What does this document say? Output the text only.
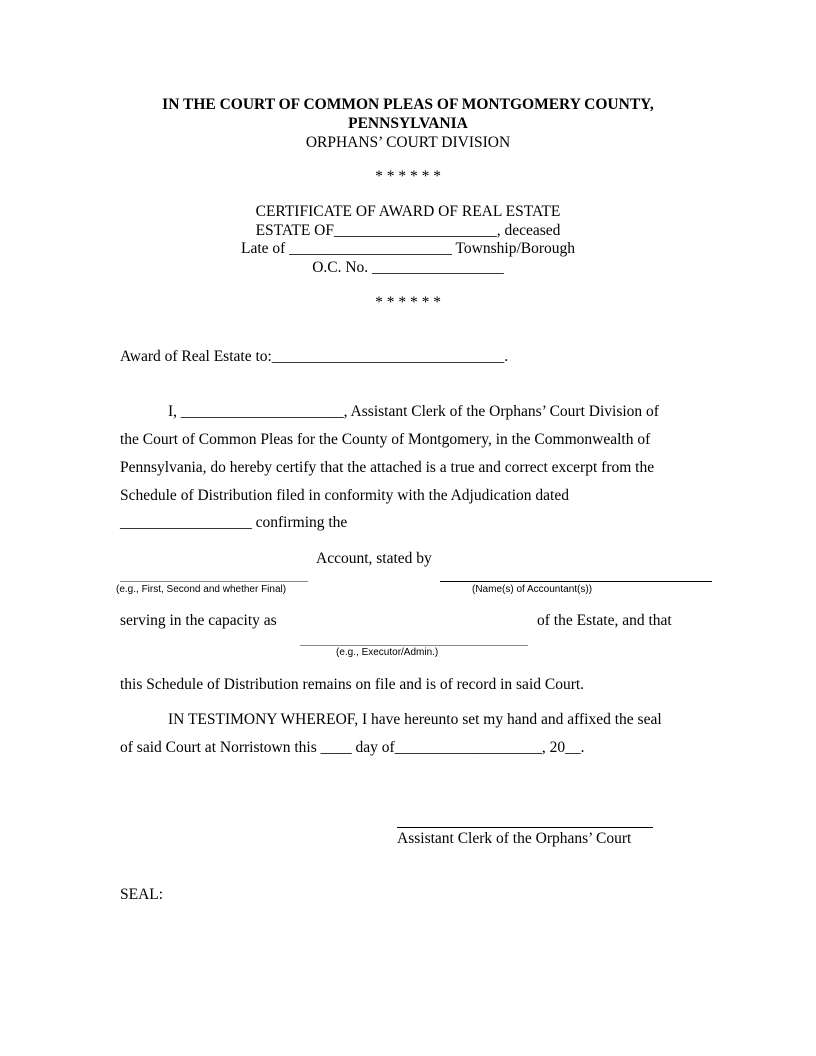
IN THE COURT OF COMMON PLEAS OF MONTGOMERY COUNTY,
PENNSYLVANIA
ORPHANS’ COURT DIVISION
* * * * * *
CERTIFICATE OF AWARD OF REAL ESTATE
ESTATE OF_____________________, deceased
Late of _____________________ Township/Borough
O.C. No. _________________
* * * * * *
Award of Real Estate to:______________________________.
I, _____________________, Assistant Clerk of the Orphans’ Court Division of
the Court of Common Pleas for the County of Montgomery, in the Commonwealth of
Pennsylvania, do hereby certify that the attached is a true and correct excerpt from the
Schedule of Distribution filed in conformity with the Adjudication dated
_________________ confirming the
Account, stated by
(e.g., First, Second and whether Final)	(Name(s) of Accountant(s))
serving in the capacity as	of the Estate, and that
(e.g., Executor/Admin.)
this Schedule of Distribution remains on file and is of record in said Court.
IN TESTIMONY WHEREOF, I have hereunto set my hand and affixed the seal
of said Court at Norristown this ____ day of___________________, 20__.
Assistant Clerk of the Orphans’ Court
SEAL:
